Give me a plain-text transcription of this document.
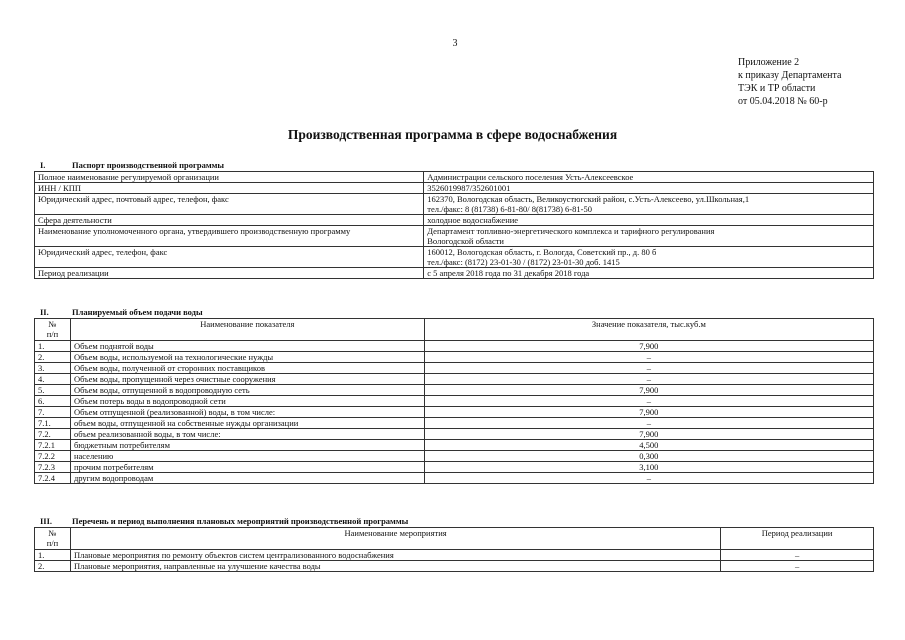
3
Приложение 2
к приказу Департамента
ТЭК и ТР области
от 05.04.2018 № 60-р
Производственная программа в сфере водоснабжения
I.	Паспорт производственной программы
Полное наименование регулируемой организации	Администрации сельского поселения Усть-Алексеевское

ИНН / КПП	3526019987/352601001

Юридический адрес, почтовый адрес, телефон, факс	162370, Вологодская область, Великоустюгский район, с.Усть-Алексеево, ул.Школьная,1
тел./факс: 8 (81738) 6-81-80/ 8(81738) 6-81-50

Сфера деятельности	холодное водоснабжение

Наименование уполномоченного органа, утвердившего производственную программу	Департамент топливно-энергетического комплекса и тарифного регулирования
Вологодской области

Юридический адрес, телефон, факс	160012, Вологодская область, г. Вологда, Советский пр., д. 80 б
тел./факс: (8172) 23-01-30 / (8172) 23-01-30 доб. 1415

Период реализации	с 5 апреля 2018 года по 31 декабря 2018 года
II.	Планируемый объем подачи воды
№
п/п	Наименование показателя	Значение показателя, тыс.куб.м
1.	Объем поднятой воды	7,900
2.	Объем воды, используемой на технологические нужды	–
3.	Объем воды, полученной от сторонних поставщиков	–
4.	Объем воды, пропущенной через очистные сооружения	–
5.	Объем воды, отпущенной в водопроводную сеть	7,900
6.	Объем потерь воды в водопроводной сети	–
7.	Объем отпущенной (реализованной) воды, в том числе:	7,900
7.1.	объем воды, отпущенной на собственные нужды организации	–
7.2.	объем реализованной воды, в том числе:	7,900
7.2.1	бюджетным потребителям	4,500
7.2.2	населению	0,300
7.2.3	прочим потребителям	3,100
7.2.4	другим водопроводам	–
III. Перечень и период выполнения плановых мероприятий производственной программы
№
п/п	Наименование мероприятия	Период реализации
1.	Плановые мероприятия по ремонту объектов систем централизованного водоснабжения	–
2.	Плановые мероприятия, направленные на улучшение качества воды	–
